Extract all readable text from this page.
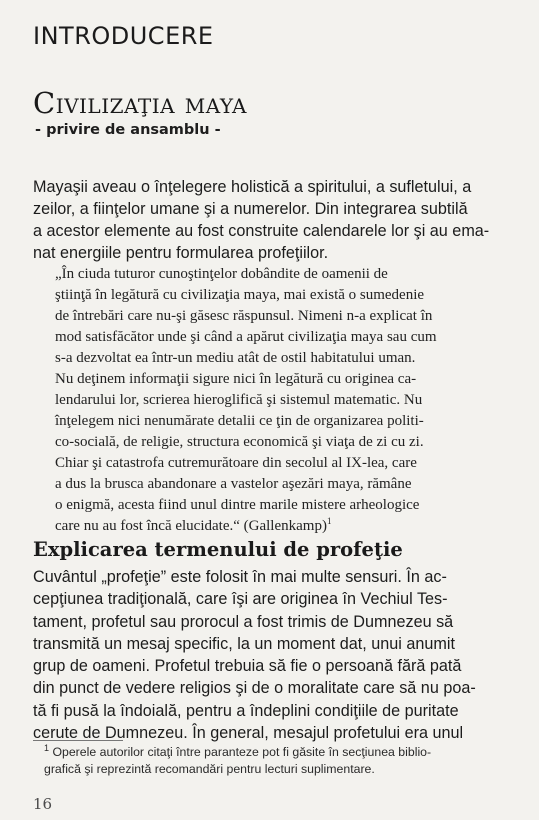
INTRODUCERE
Civilizaţia maya
- privire de ansamblu -
Mayaşii aveau o înţelegere holistică a spiritului, a sufletului, a
zeilor, a fiinţelor umane şi a numerelor. Din integrarea subtilă
a acestor elemente au fost construite calendarele lor şi au ema-
nat energiile pentru formularea profeţiilor.
„În ciuda tuturor cunoştinţelor dobândite de oamenii de
ştiinţă în legătură cu civilizaţia maya, mai există o sumedenie
de întrebări care nu-şi găsesc răspunsul. Nimeni n-a explicat în
mod satisfăcător unde şi când a apărut civilizaţia maya sau cum
s-a dezvoltat ea într-un mediu atât de ostil habitatului uman.
Nu deţinem informaţii sigure nici în legătură cu originea ca-
lendarului lor, scrierea hieroglifică şi sistemul matematic. Nu
înţelegem nici nenumărate detalii ce ţin de organizarea politi-
co-socială, de religie, structura economică şi viaţa de zi cu zi.
Chiar şi catastrofa cutremurătoare din secolul al IX-lea, care
a dus la brusca abandonare a vastelor aşezări maya, rămâne
o enigmă, acesta fiind unul dintre marile mistere arheologice
care nu au fost încă elucidate.“ (Gallenkamp)$^1$
Explicarea termenului de profeţie
Cuvântul „profeţie” este folosit în mai multe sensuri. În ac-
cepţiunea tradiţională, care îşi are originea în Vechiul Tes-
tament, profetul sau prorocul a fost trimis de Dumnezeu să
transmită un mesaj specific, la un moment dat, unui anumit
grup de oameni. Profetul trebuia să fie o persoană fără pată
din punct de vedere religios şi de o moralitate care să nu poa-
tă fi pusă la îndoială, pentru a îndeplini condiţiile de puritate
cerute de Dumnezeu. În general, mesajul profetului era unul
$^1$ Operele autorilor citaţi între paranteze pot fi găsite în secţiunea biblio-
grafică şi reprezintă recomandări pentru lecturi suplimentare.
16
